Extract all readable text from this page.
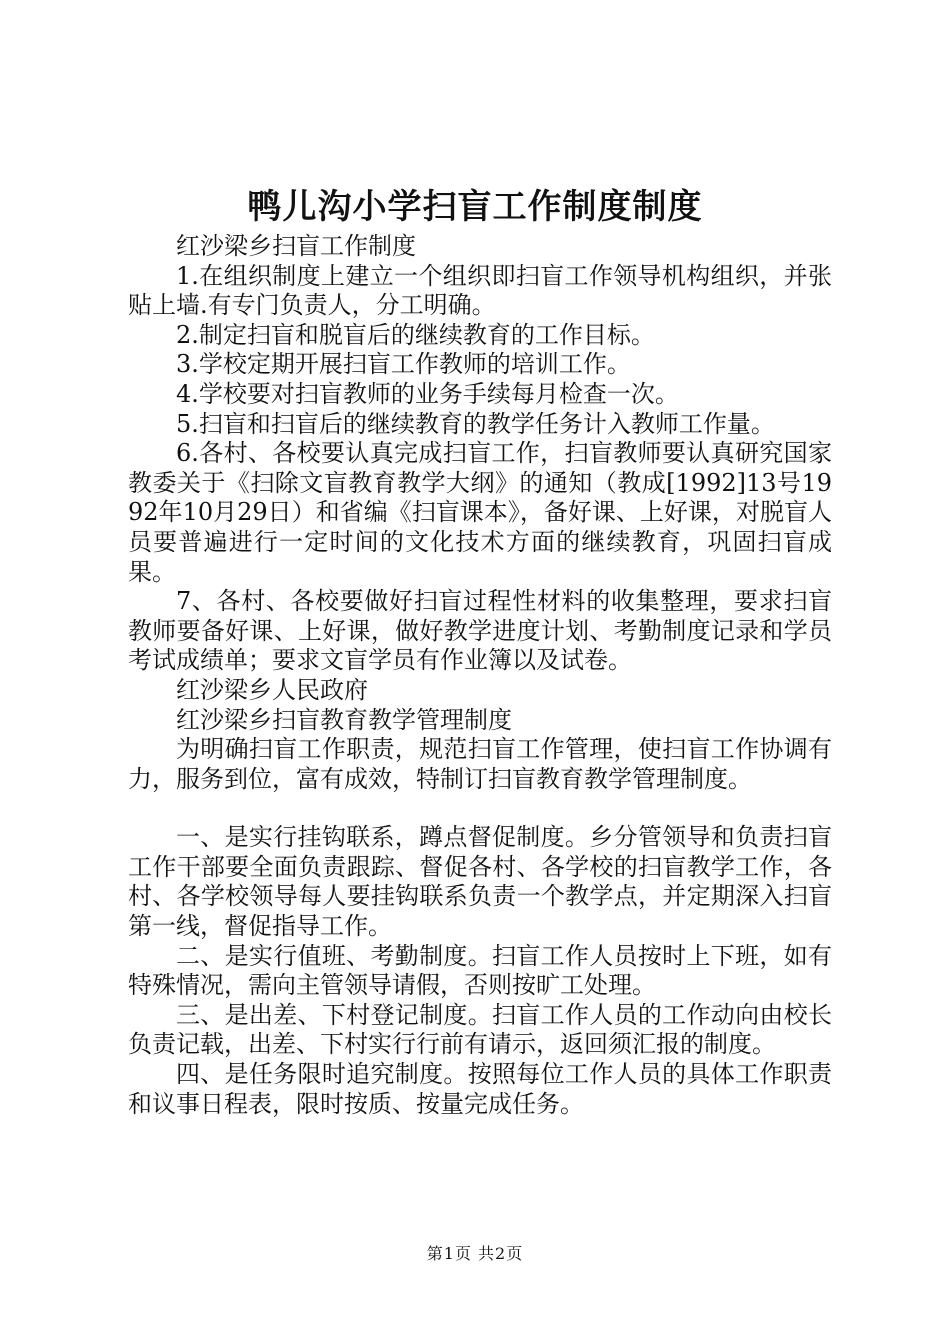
鸭儿沟小学扫盲工作制度制度

红沙梁乡扫盲工作制度

1.在组织制度上建立一个组织即扫盲工作领导机构组织，并张贴上墙.有专门负责人，分工明确。

2.制定扫盲和脱盲后的继续教育的工作目标。

3.学校定期开展扫盲工作教师的培训工作。

4.学校要对扫盲教师的业务手续每月检查一次。

5.扫盲和扫盲后的继续教育的教学任务计入教师工作量。

6.各村、各校要认真完成扫盲工作，扫盲教师要认真研究国家教委关于《扫除文盲教育教学大纲》的通知（教成[1992]13号1992年10月29日）和省编《扫盲课本》，备好课、上好课，对脱盲人员要普遍进行一定时间的文化技术方面的继续教育，巩固扫盲成果。

7、各村、各校要做好扫盲过程性材料的收集整理，要求扫盲教师要备好课、上好课，做好教学进度计划、考勤制度记录和学员考试成绩单；要求文盲学员有作业簿以及试卷。

红沙梁乡人民政府

红沙梁乡扫盲教育教学管理制度

为明确扫盲工作职责，规范扫盲工作管理，使扫盲工作协调有力，服务到位，富有成效，特制订扫盲教育教学管理制度。

一、是实行挂钩联系，蹲点督促制度。乡分管领导和负责扫盲工作干部要全面负责跟踪、督促各村、各学校的扫盲教学工作，各村、各学校领导每人要挂钩联系负责一个教学点，并定期深入扫盲第一线，督促指导工作。

二、是实行值班、考勤制度。扫盲工作人员按时上下班，如有特殊情况，需向主管领导请假，否则按旷工处理。

三、是出差、下村登记制度。扫盲工作人员的工作动向由校长负责记载，出差、下村实行行前有请示，返回须汇报的制度。

四、是任务限时追究制度。按照每位工作人员的具体工作职责和议事日程表，限时按质、按量完成任务。

第1页 共2页
